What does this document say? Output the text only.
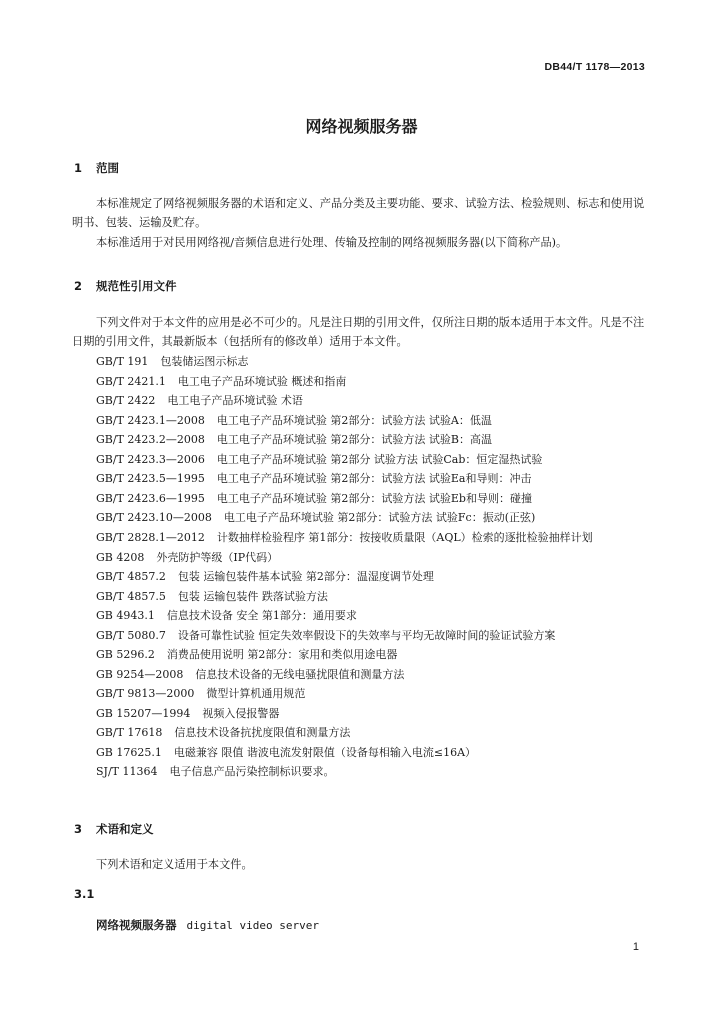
DB44/T 1178—2013
网络视频服务器
1 范围
本标准规定了网络视频服务器的术语和定义、产品分类及主要功能、要求、试验方法、检验规则、标志和使用说明书、包装、运输及贮存。
本标准适用于对民用网络视/音频信息进行处理、传输及控制的网络视频服务器(以下简称产品)。
2 规范性引用文件
下列文件对于本文件的应用是必不可少的。凡是注日期的引用文件，仅所注日期的版本适用于本文件。凡是不注日期的引用文件，其最新版本（包括所有的修改单）适用于本文件。
GB/T 191 包装储运图示标志
GB/T 2421.1 电工电子产品环境试验 概述和指南
GB/T 2422 电工电子产品环境试验 术语
GB/T 2423.1—2008 电工电子产品环境试验 第2部分：试验方法 试验A：低温
GB/T 2423.2—2008 电工电子产品环境试验 第2部分：试验方法 试验B：高温
GB/T 2423.3—2006 电工电子产品环境试验 第2部分 试验方法 试验Cab：恒定湿热试验
GB/T 2423.5—1995 电工电子产品环境试验 第2部分：试验方法 试验Ea和导则：冲击
GB/T 2423.6—1995 电工电子产品环境试验 第2部分：试验方法 试验Eb和导则：碰撞
GB/T 2423.10—2008 电工电子产品环境试验 第2部分：试验方法 试验Fc：振动(正弦)
GB/T 2828.1—2012 计数抽样检验程序 第1部分：按接收质量限（AQL）检索的逐批检验抽样计划
GB 4208 外壳防护等级（IP代码）
GB/T 4857.2 包装 运输包装件基本试验 第2部分：温湿度调节处理
GB/T 4857.5 包装 运输包装件 跌落试验方法
GB 4943.1 信息技术设备 安全 第1部分：通用要求
GB/T 5080.7 设备可靠性试验 恒定失效率假设下的失效率与平均无故障时间的验证试验方案
GB 5296.2 消费品使用说明 第2部分：家用和类似用途电器
GB 9254—2008 信息技术设备的无线电骚扰限值和测量方法
GB/T 9813—2000 微型计算机通用规范
GB 15207—1994 视频入侵报警器
GB/T 17618 信息技术设备抗扰度限值和测量方法
GB 17625.1 电磁兼容 限值 谐波电流发射限值（设备每相输入电流≤16A）
SJ/T 11364 电子信息产品污染控制标识要求。
3 术语和定义
下列术语和定义适用于本文件。
3.1
网络视频服务器 digital video server
1
